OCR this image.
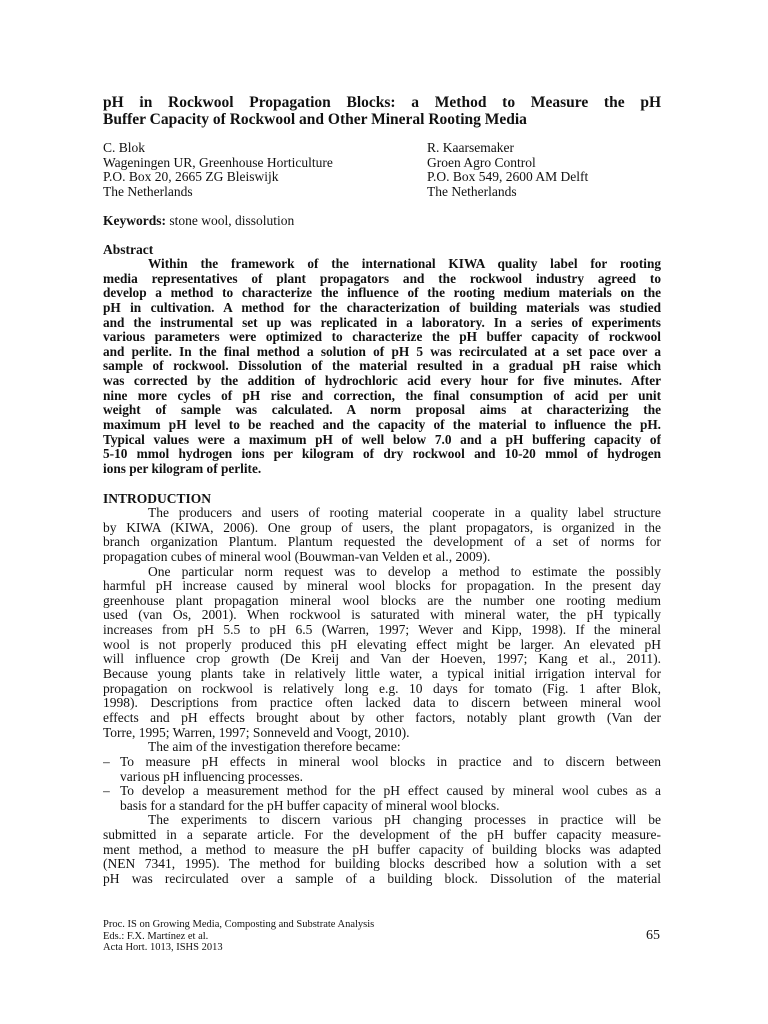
pH in Rockwool Propagation Blocks: a Method to Measure the pH
Buffer Capacity of Rockwool and Other Mineral Rooting Media
C. Blok
Wageningen UR, Greenhouse Horticulture
P.O. Box 20, 2665 ZG Bleiswijk
The Netherlands
R. Kaarsemaker
Groen Agro Control
P.O. Box 549, 2600 AM Delft
The Netherlands
Keywords: stone wool, dissolution
Abstract
Within the framework of the international KIWA quality label for rooting
media representatives of plant propagators and the rockwool industry agreed to
develop a method to characterize the influence of the rooting medium materials on the
pH in cultivation. A method for the characterization of building materials was studied
and the instrumental set up was replicated in a laboratory. In a series of experiments
various parameters were optimized to characterize the pH buffer capacity of rockwool
and perlite. In the final method a solution of pH 5 was recirculated at a set pace over a
sample of rockwool. Dissolution of the material resulted in a gradual pH raise which
was corrected by the addition of hydrochloric acid every hour for five minutes. After
nine more cycles of pH rise and correction, the final consumption of acid per unit
weight of sample was calculated. A norm proposal aims at characterizing the
maximum pH level to be reached and the capacity of the material to influence the pH.
Typical values were a maximum pH of well below 7.0 and a pH buffering capacity of
5-10 mmol hydrogen ions per kilogram of dry rockwool and 10-20 mmol of hydrogen
ions per kilogram of perlite.
INTRODUCTION
The producers and users of rooting material cooperate in a quality label structure
by KIWA (KIWA, 2006). One group of users, the plant propagators, is organized in the
branch organization Plantum. Plantum requested the development of a set of norms for
propagation cubes of mineral wool (Bouwman-van Velden et al., 2009).
One particular norm request was to develop a method to estimate the possibly
harmful pH increase caused by mineral wool blocks for propagation. In the present day
greenhouse plant propagation mineral wool blocks are the number one rooting medium
used (van Os, 2001). When rockwool is saturated with mineral water, the pH typically
increases from pH 5.5 to pH 6.5 (Warren, 1997; Wever and Kipp, 1998). If the mineral
wool is not properly produced this pH elevating effect might be larger. An elevated pH
will influence crop growth (De Kreij and Van der Hoeven, 1997; Kang et al., 2011).
Because young plants take in relatively little water, a typical initial irrigation interval for
propagation on rockwool is relatively long e.g. 10 days for tomato (Fig. 1 after Blok,
1998). Descriptions from practice often lacked data to discern between mineral wool
effects and pH effects brought about by other factors, notably plant growth (Van der
Torre, 1995; Warren, 1997; Sonneveld and Voogt, 2010).
The aim of the investigation therefore became:
– To measure pH effects in mineral wool blocks in practice and to discern between
various pH influencing processes.
– To develop a measurement method for the pH effect caused by mineral wool cubes as a
basis for a standard for the pH buffer capacity of mineral wool blocks.
The experiments to discern various pH changing processes in practice will be
submitted in a separate article. For the development of the pH buffer capacity measure-
ment method, a method to measure the pH buffer capacity of building blocks was adapted
(NEN 7341, 1995). The method for building blocks described how a solution with a set
pH was recirculated over a sample of a building block. Dissolution of the material
Proc. IS on Growing Media, Composting and Substrate Analysis
Eds.: F.X. Martínez et al.
Acta Hort. 1013, ISHS 2013
65
